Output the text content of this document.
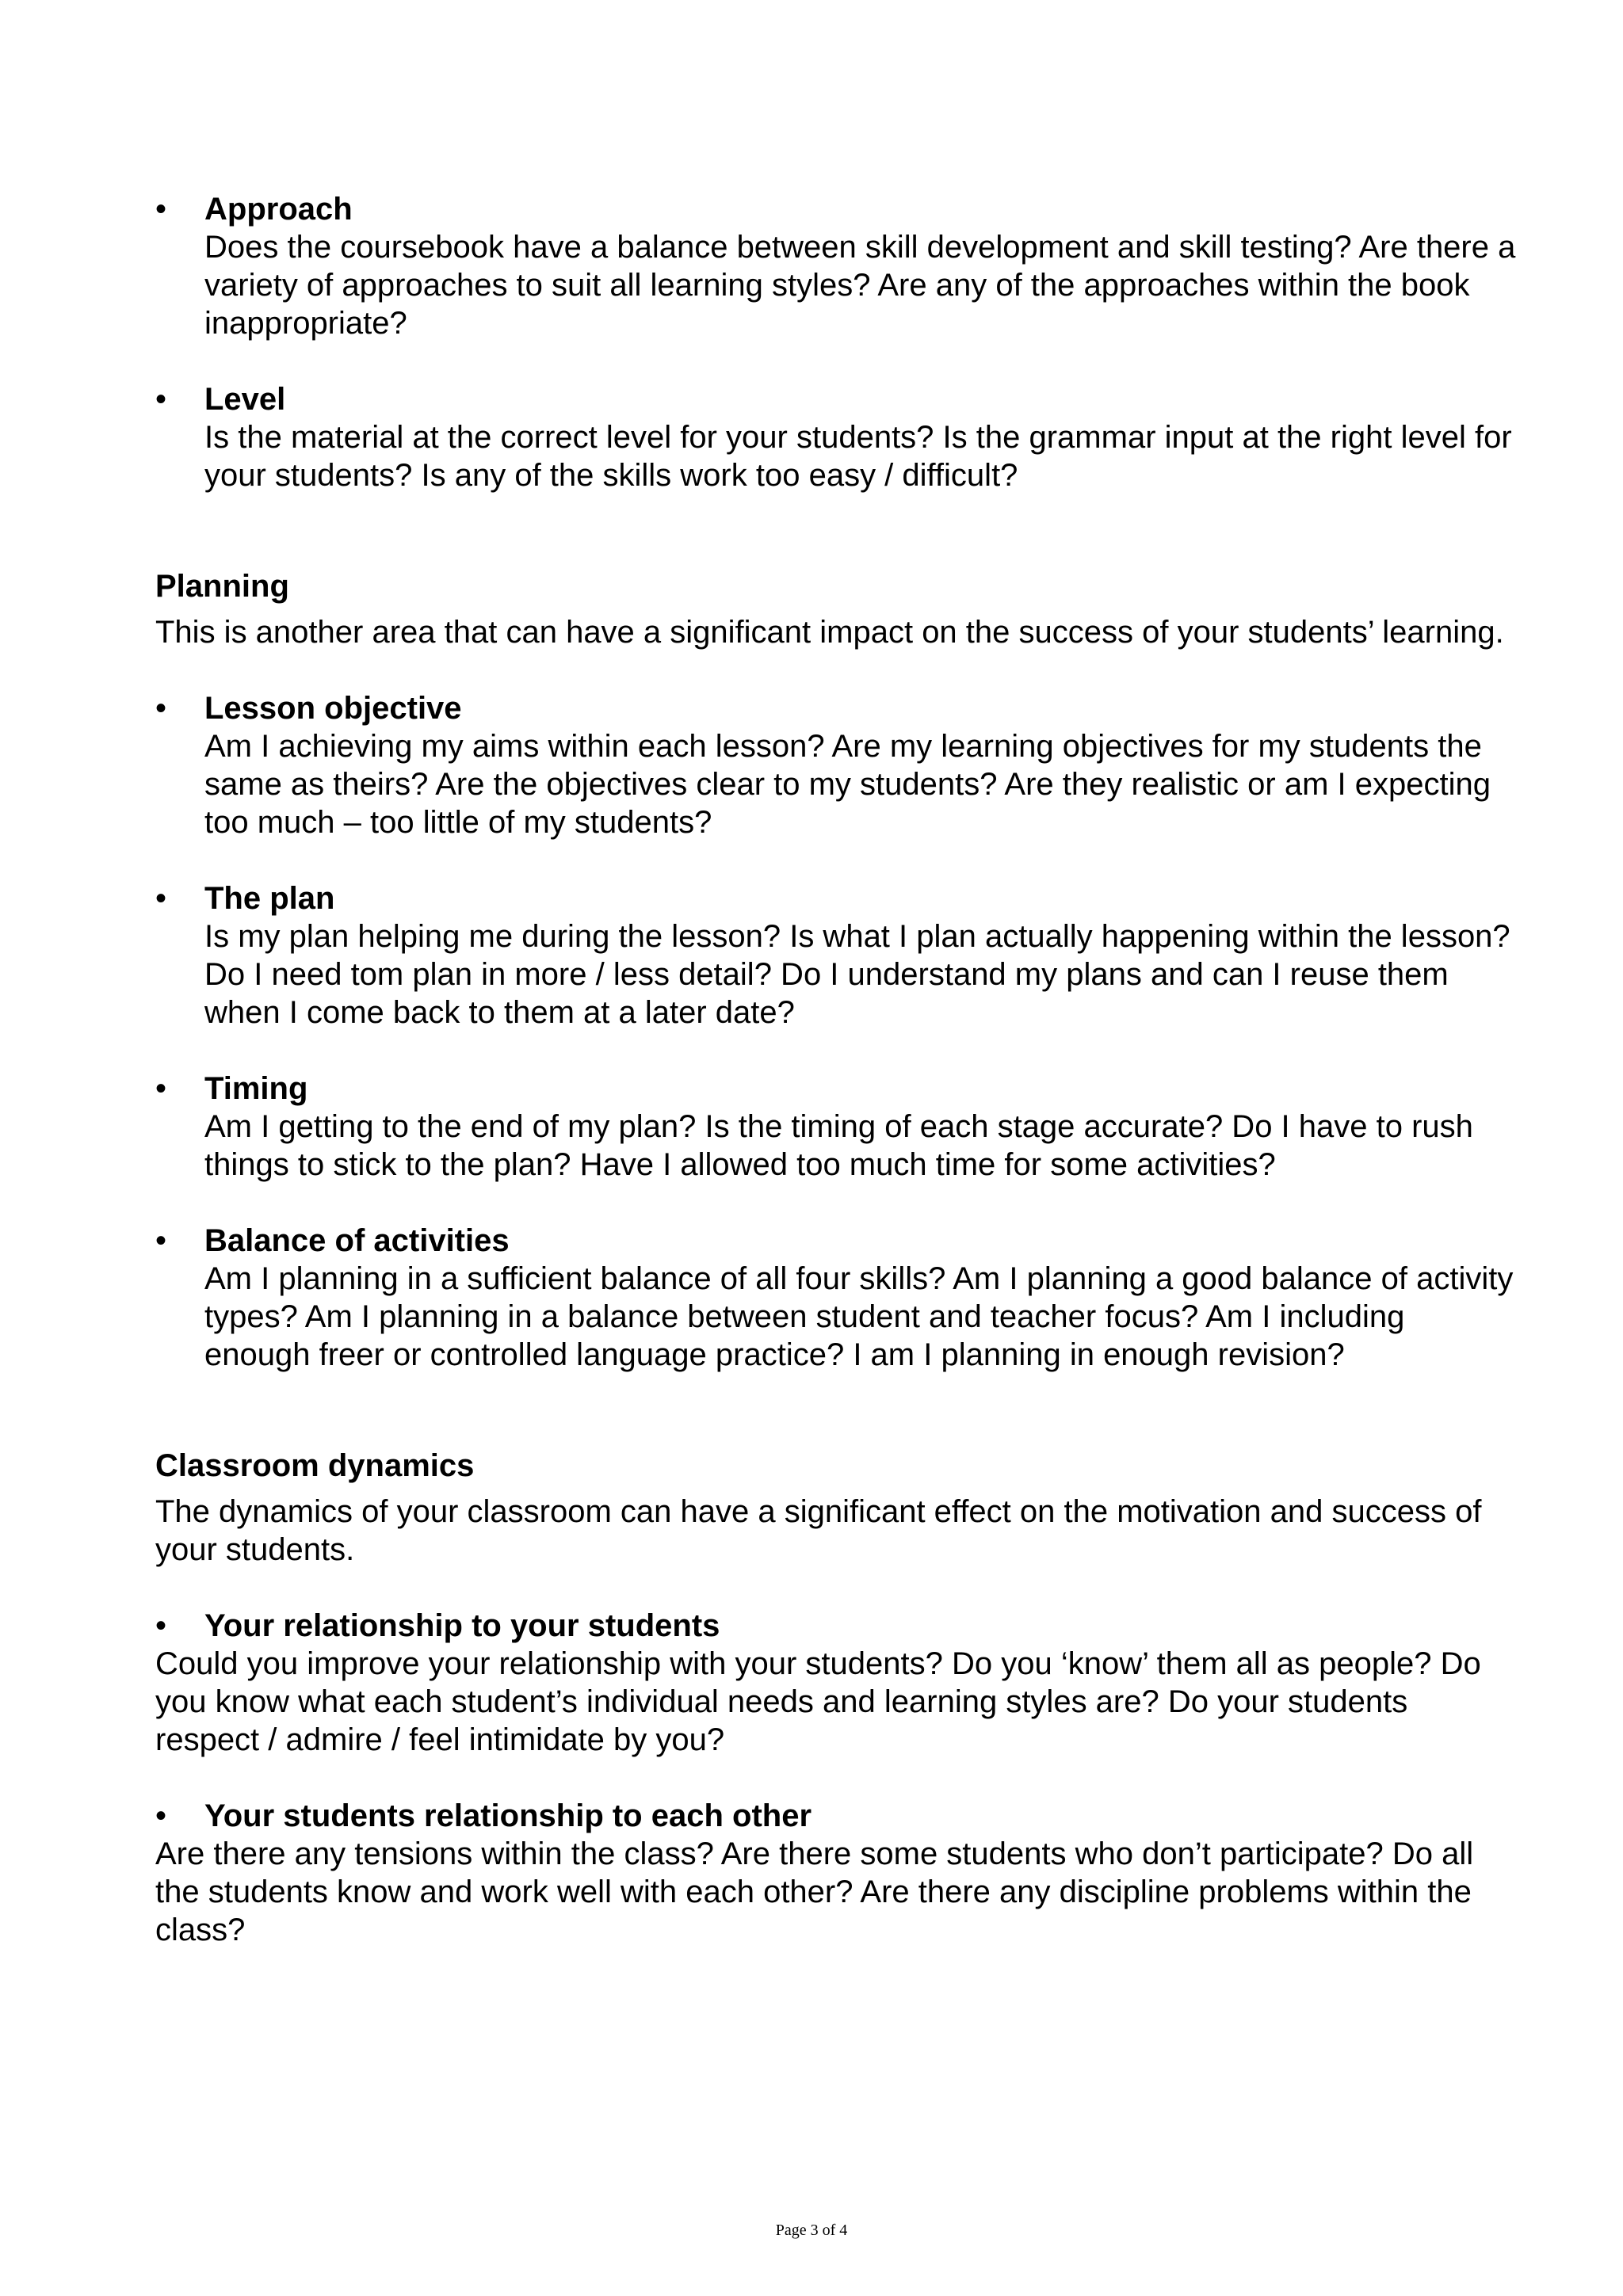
•	Approach
Does the coursebook have a balance between skill development and skill testing? Are there a variety of approaches to suit all learning styles? Are any of the approaches within the book inappropriate?
•	Level
Is the material at the correct level for your students? Is the grammar input at the right level for your students? Is any of the skills work too easy / difficult?
Planning
This is another area that can have a significant impact on the success of your students’ learning.
•	Lesson objective
Am I achieving my aims within each lesson? Are my learning objectives for my students the same as theirs? Are the objectives clear to my students? Are they realistic or am I expecting too much – too little of my students?
•	The plan
Is my plan helping me during the lesson? Is what I plan actually happening within the lesson? Do I need tom plan in more / less detail? Do I understand my plans and can I reuse them when I come back to them at a later date?
•	Timing
Am I getting to the end of my plan? Is the timing of each stage accurate? Do I have to rush things to stick to the plan? Have I allowed too much time for some activities?
•	Balance of activities
Am I planning in a sufficient balance of all four skills? Am I planning a good balance of activity types? Am I planning in a balance between student and teacher focus? Am I including enough freer or controlled language practice? I am I planning in enough revision?
Classroom dynamics
The dynamics of your classroom can have a significant effect on the motivation and success of your students.
•	Your relationship to your students
Could you improve your relationship with your students? Do you ‘know’ them all as people? Do you know what each student’s individual needs and learning styles are? Do your students respect / admire / feel intimidate by you?
•	Your students relationship to each other
Are there any tensions within the class? Are there some students who don’t participate? Do all the students know and work well with each other? Are there any discipline problems within the class?
Page 3 of 4
